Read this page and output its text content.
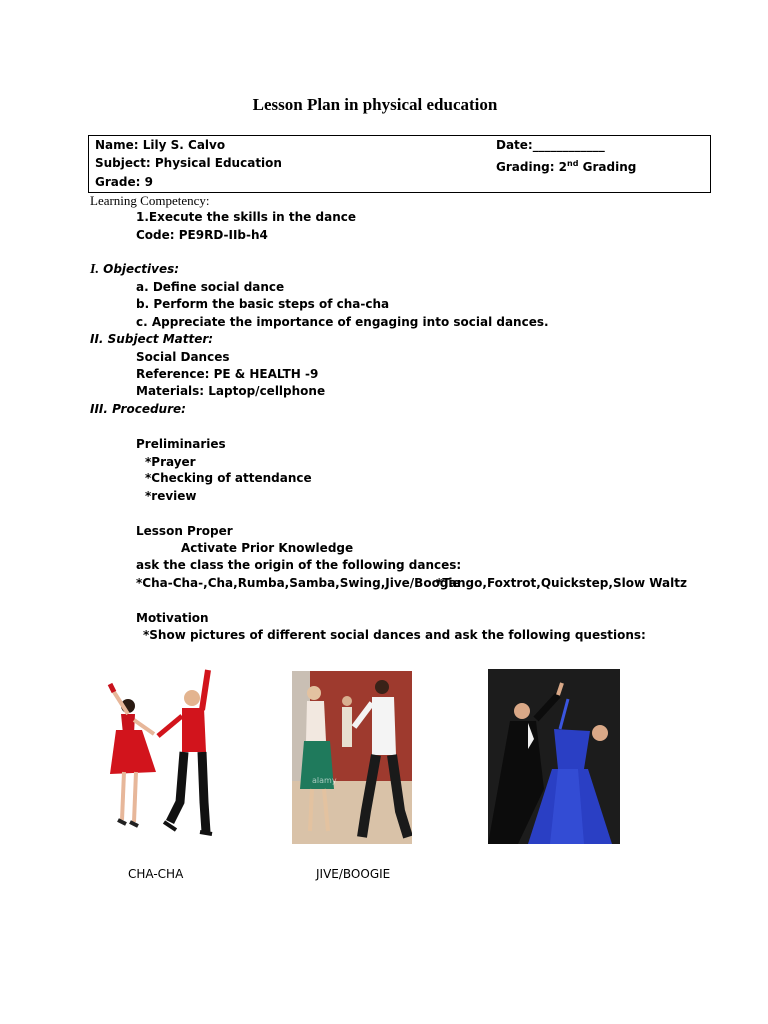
Lesson Plan in physical education
Name: Lily S. Calvo
Subject: Physical Education
Grade: 9
Date:____________
Grading: 2nd Grading
Learning Competency:
1.Execute the skills in the dance
Code: PE9RD-IIb-h4
I. Objectives:
a. Define social dance
b. Perform the basic steps of cha-cha
c. Appreciate the importance of engaging into social dances.
II. Subject Matter:
Social Dances
Reference: PE & HEALTH -9
Materials: Laptop/cellphone
III. Procedure:
Preliminaries
*Prayer
*Checking of attendance
*review
Lesson Proper
Activate Prior Knowledge
ask the class the origin of the following dances:
*Cha-Cha-,Cha,Rumba,Samba,Swing,Jive/Boogie
*Tango,Foxtrot,Quickstep,Slow Waltz
Motivation
*Show pictures of different social dances and ask the following questions:
alamy
CHA-CHA	JIVE/BOOGIE
